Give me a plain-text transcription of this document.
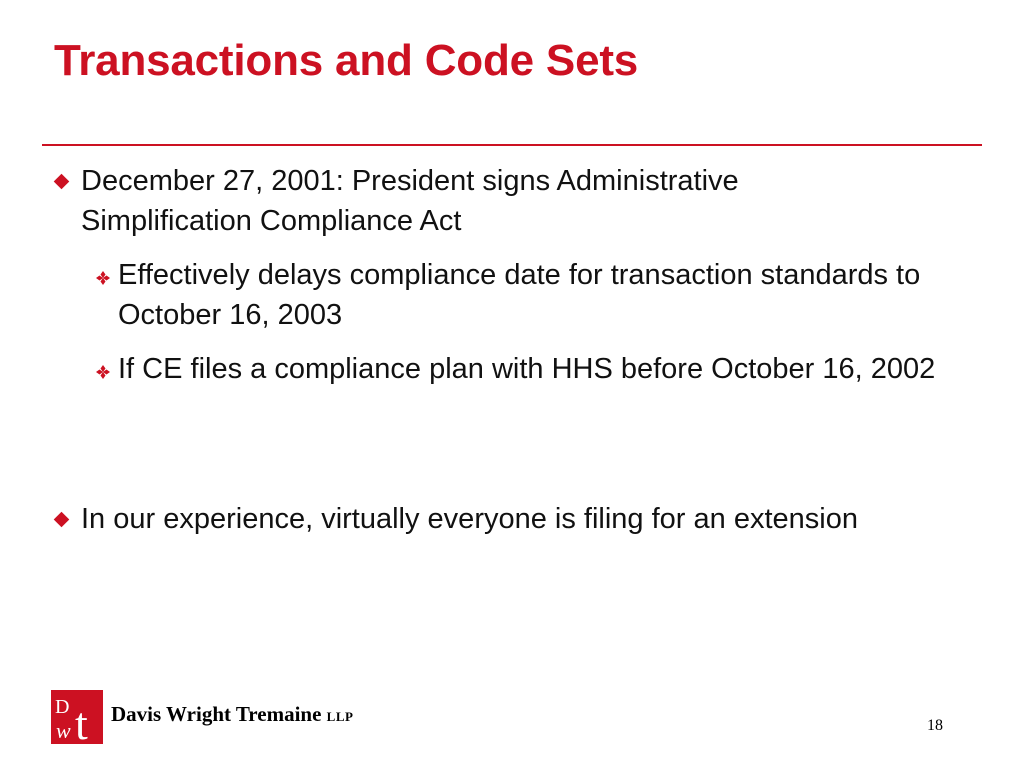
Transactions and Code Sets
December 27, 2001: President signs Administrative Simplification Compliance Act
Effectively delays compliance date for transaction standards to October 16, 2003
If CE files a compliance plan with HHS before October 16, 2002
In our experience, virtually everyone is filing for an extension
D
w t Davis Wright Tremaine LLP
18
